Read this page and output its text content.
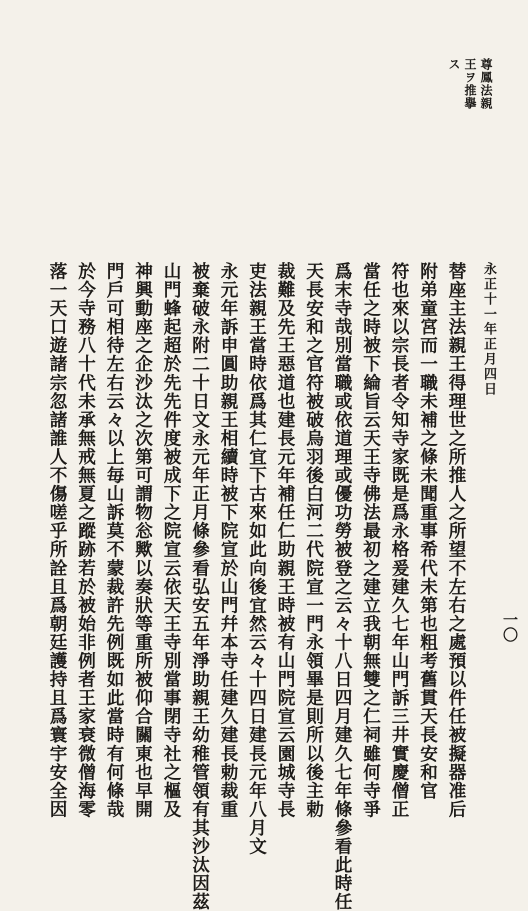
尊鳳法親
王ヲ推擧
ス
永正十一年正月四日
一〇
替座主法親王得理世之所推人之所望不左右之處預以件任被擬器准后
附弟童宮而一職未補之條未聞重事希代未第也粗考舊貫天長安和官
符也來以宗長者令知寺家既是爲永格爰建久七年山門訴三井實慶僧正
當任之時被下綸旨云天王寺佛法最初之建立我朝無雙之仁祠雖何寺爭
爲末寺哉別當職或依道理或優功勞被登之云々十八日四月建久七年條參看此時任
天長安和之官符被破烏羽後白河二代院宣一門永領畢是則所以後主勅
裁難及先王惡道也建長元年補任仁助親王時被有山門院宣云園城寺長
吏法親王當時依爲其仁宜下古來如此向後宜然云々十四日建長元年八月文
永元年訴申圓助親王相續時被下院宣於山門幷本寺任建久建長勅裁重
被棄破永附二十日文永元年正月條參看弘安五年淨助親王幼稚管領有其沙汰因茲
山門蜂起超於先先件度被成下之院宣云依天王寺別當事閉寺社之樞及
神興動座之企沙汰之次第可謂物忩歟以奏狀等重所被仰合關東也早開
門戶可相待左右云々以上毎山訴莫不蒙裁許先例既如此當時有何條哉
於今寺務八十代未承無戒無夏之蹤跡若於被始非例者王家衰微僧海零
落一天口遊諸宗忽諸誰人不傷嗟乎所詮且爲朝廷護持且爲寰宇安全因
